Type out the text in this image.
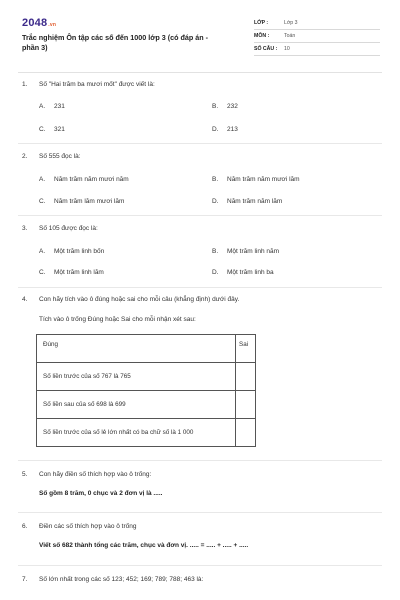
2048.vn
Trắc nghiệm Ôn tập các số đến 1000 lớp 3 (có đáp án - phần 3)
LỚP :	Lớp 3
MÔN :	Toán
SỐ CÂU :	10
1. Số "Hai trăm ba mươi mốt" được viết là:
A. 231	B. 232
C. 321	D. 213
2. Số 555 đọc là:
A. Năm trăm năm mươi năm	B. Năm trăm năm mươi lăm
C. Năm trăm lăm mươi lăm	D. Năm trăm năm lăm
3. Số 105 được đọc là:
A. Một trăm linh bốn	B. Một trăm linh năm
C. Một trăm linh lăm	D. Một trăm linh ba
4. Con hãy tích vào ô đúng hoặc sai cho mỗi câu (khẳng định) dưới đây.
Tích vào ô trống Đúng hoặc Sai cho mỗi nhận xét sau:
Đúng	Sai
Số liền trước của số 767 là 765	
Số liền sau của số 698 là 699	
Số liền trước của số lẻ lớn nhất có ba chữ số là 1 000	
5. Con hãy điền số thích hợp vào ô trống:
Số gồm 8 trăm, 0 chục và 2 đơn vị là .....
6. Điền các số thích hợp vào ô trống
Viết số 682 thành tổng các trăm, chục và đơn vị. ..... = ..... + ..... + .....
7. Số lớn nhất trong các số 123; 452; 169; 789; 788; 463 là:
